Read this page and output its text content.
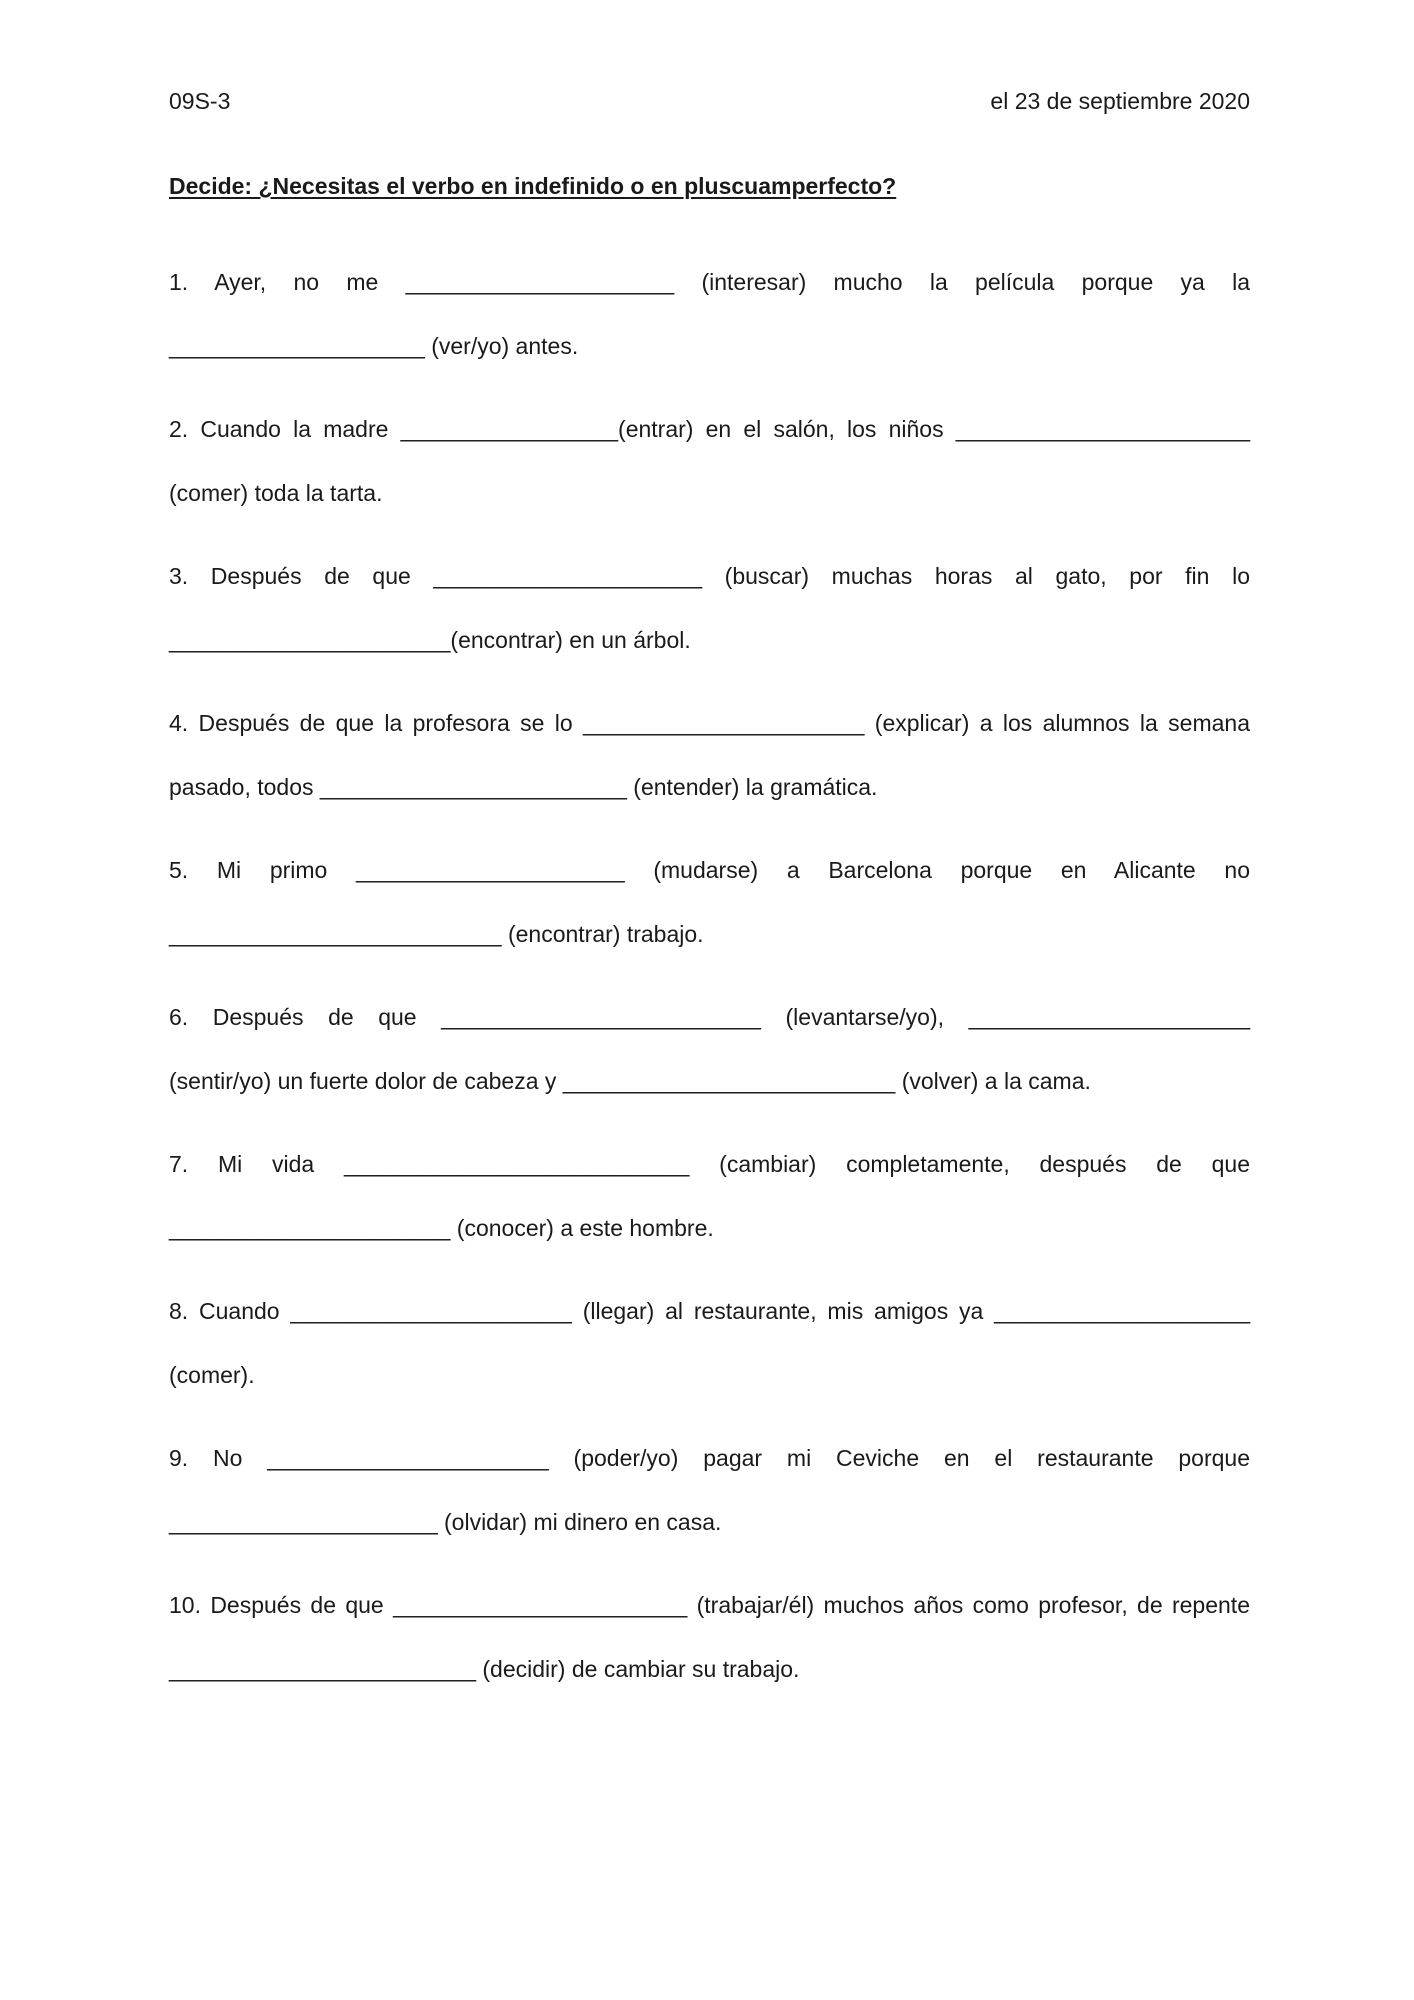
09S-3	el 23 de septiembre 2020
Decide: ¿Necesitas el verbo en indefinido o en pluscuamperfecto?
1. Ayer, no me _____________________ (interesar) mucho la película porque ya la
____________________ (ver/yo) antes.
2. Cuando la madre _________________(entrar) en el salón, los niños _______________________
(comer) toda la tarta.
3. Después de que _____________________ (buscar) muchas horas al gato, por fin lo
______________________(encontrar) en un árbol.
4. Después de que la profesora se lo ______________________ (explicar) a los alumnos la semana
pasado, todos ________________________ (entender) la gramática.
5. Mi primo _____________________ (mudarse) a Barcelona porque en Alicante no
__________________________ (encontrar) trabajo.
6. Después de que _________________________ (levantarse/yo), ______________________
(sentir/yo) un fuerte dolor de cabeza y __________________________ (volver) a la cama.
7. Mi vida ___________________________ (cambiar) completamente, después de que
______________________ (conocer) a este hombre.
8. Cuando ______________________ (llegar) al restaurante, mis amigos ya ____________________
(comer).
9. No ______________________ (poder/yo) pagar mi Ceviche en el restaurante porque
_____________________ (olvidar) mi dinero en casa.
10. Después de que _______________________ (trabajar/él) muchos años como profesor, de repente
________________________ (decidir) de cambiar su trabajo.
